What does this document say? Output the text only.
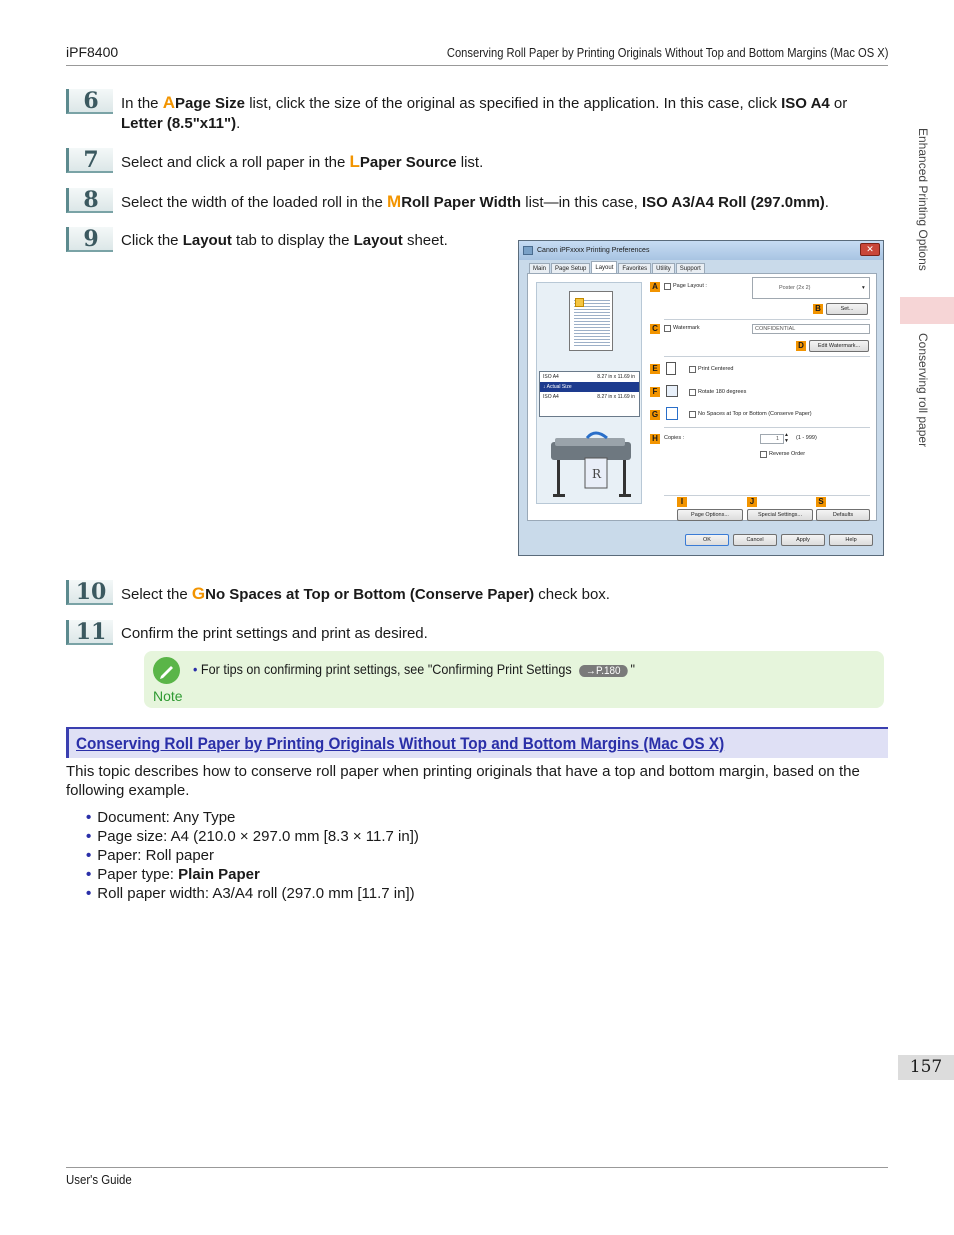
iPF8400	Conserving Roll Paper by Printing Originals Without Top and Bottom Margins (Mac OS X)
Enhanced Printing Options
Conserving roll paper
6	In the APage Size list, click the size of the original as specified in the application. In this case, click ISO A4 or Letter (8.5"x11").
7	Select and click a roll paper in the LPaper Source list.
8	Select the width of the loaded roll in the MRoll Paper Width list—in this case, ISO A3/A4 Roll (297.0mm).
9	Click the Layout tab to display the Layout sheet.
Canon iPFxxxx Printing Preferences	✕
Main	Page Setup	Layout	Favorites	Utility	Support
ISO A4	8.27 in x 11.69 in
↓ Actual Size
ISO A4	8.27 in x 11.69 in
R
A	Page Layout :	Poster (2x 2)	▾
B	Set...
C	Watermark	CONFIDENTIAL
D	Edit Watermark...
E	Print Centered
F	Rotate 180 degrees
G	No Spaces at Top or Bottom (Conserve Paper)
H	Copies :	1
▲
▼ (1 - 999)
Reverse Order
I	J	S
Page Options...	Special Settings...	Defaults
OK	Cancel	Apply	Help
10 Select the GNo Spaces at Top or Bottom (Conserve Paper) check box.
11 Confirm the print settings and print as desired.
Note
• For tips on confirming print settings, see "Confirming Print Settings →P.180 "
Conserving Roll Paper by Printing Originals Without Top and Bottom Margins (Mac OS X)
This topic describes how to conserve roll paper when printing originals that have a top and bottom margin, based on the following example.
• Document: Any Type
• Page size: A4 (210.0 × 297.0 mm [8.3 × 11.7 in])
• Paper: Roll paper
• Paper type: Plain Paper
• Roll paper width: A3/A4 roll (297.0 mm [11.7 in])
157
User's Guide
